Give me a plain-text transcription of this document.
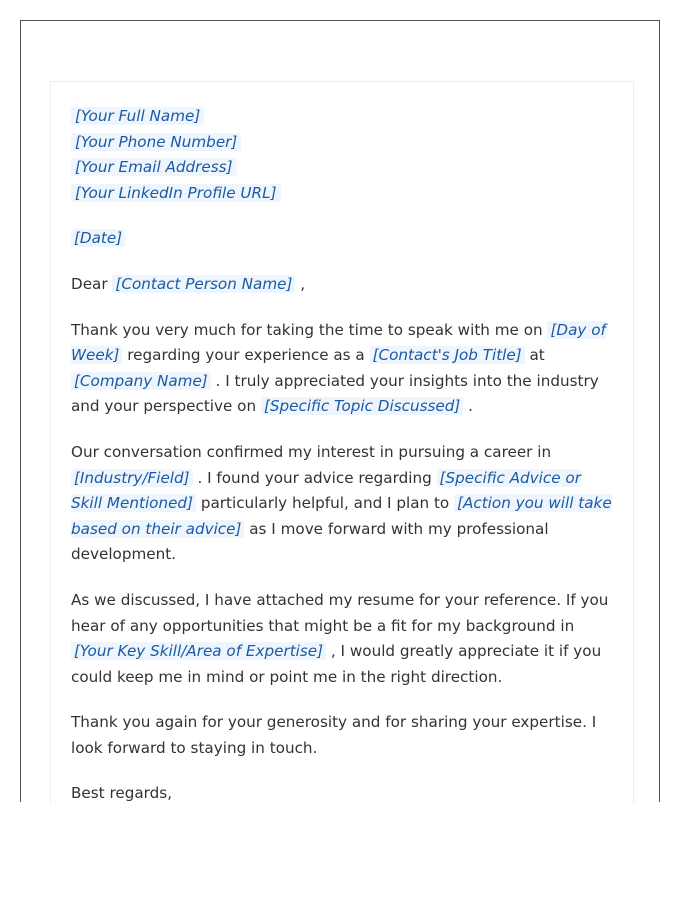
[Your Full Name]
[Your Phone Number]
[Your Email Address]
[Your LinkedIn Profile URL]
[Date]
Dear [Contact Person Name] ,
Thank you very much for taking the time to speak with me on [Day of Week] regarding your experience as a [Contact's Job Title] at [Company Name] . I truly appreciated your insights into the industry and your perspective on [Specific Topic Discussed] .
Our conversation confirmed my interest in pursuing a career in [Industry/Field] . I found your advice regarding [Specific Advice or Skill Mentioned] particularly helpful, and I plan to [Action you will take based on their advice] as I move forward with my professional development.
As we discussed, I have attached my resume for your reference. If you hear of any opportunities that might be a fit for my background in [Your Key Skill/Area of Expertise] , I would greatly appreciate it if you could keep me in mind or point me in the right direction.
Thank you again for your generosity and for sharing your expertise. I look forward to staying in touch.
Best regards,
